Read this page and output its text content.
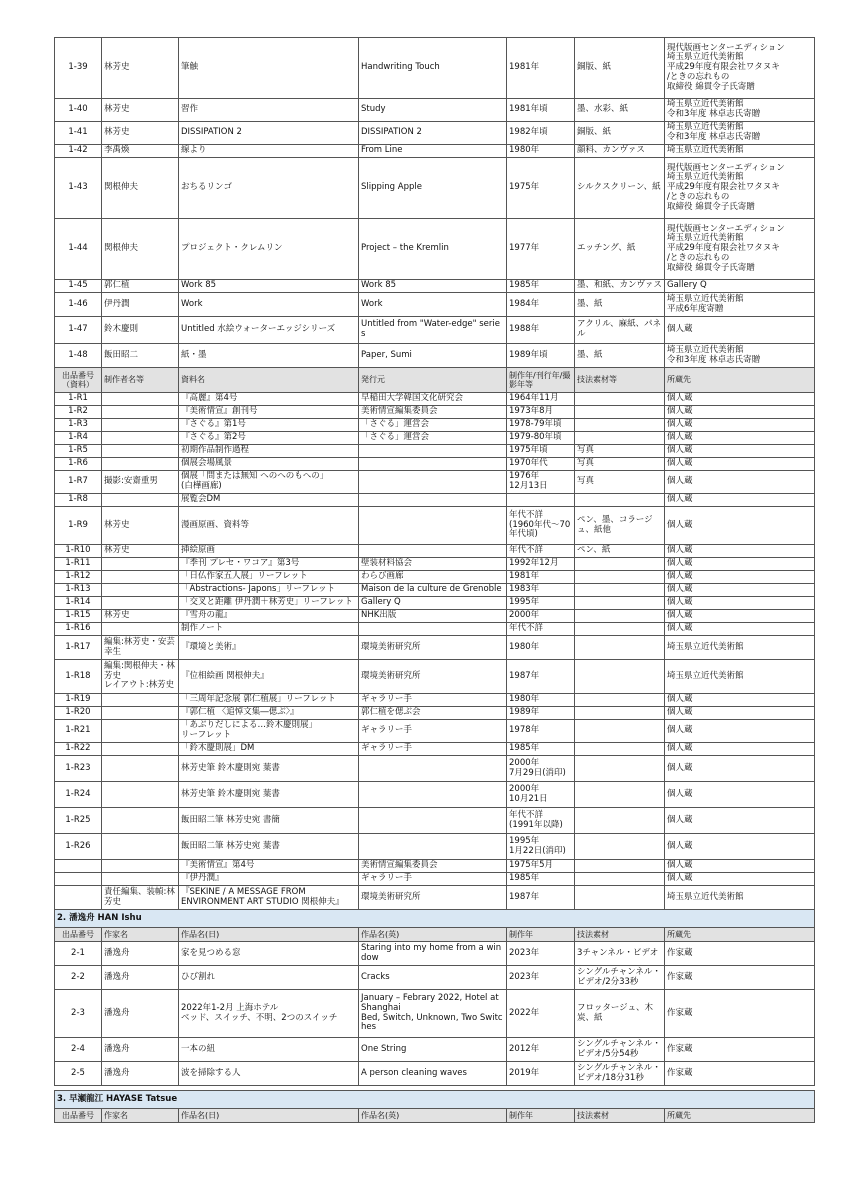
1-39	林芳史	筆触	Handwriting Touch	1981年	銅版、紙	現代版画センターエディション
埼玉県立近代美術館
平成29年度有限会社ワタヌキ
/ときの忘れもの
取締役 綿貫令子氏寄贈
1-40	林芳史	習作	Study	1981年頃	墨、水彩、紙	埼玉県立近代美術館
令和3年度 林卓志氏寄贈
1-41	林芳史	DISSIPATION 2	DISSIPATION 2	1982年頃	銅版、紙	埼玉県立近代美術館
令和3年度 林卓志氏寄贈
1-42	李禹煥	線より	From Line	1980年	顔料、カンヴァス	埼玉県立近代美術館
1-43	関根伸夫	おちるリンゴ	Slipping Apple	1975年	シルクスクリーン、紙	現代版画センターエディション
埼玉県立近代美術館
平成29年度有限会社ワタヌキ
/ときの忘れもの
取締役 綿貫令子氏寄贈
1-44	関根伸夫	プロジェクト・クレムリン	Project – the Kremlin	1977年	エッチング、紙	現代版画センターエディション
埼玉県立近代美術館
平成29年度有限会社ワタヌキ
/ときの忘れもの
取締役 綿貫令子氏寄贈
1-45	郭仁植	Work 85	Work 85	1985年	墨、和紙、カンヴァス	Gallery Q
1-46	伊丹潤	Work	Work	1984年	墨、紙	埼玉県立近代美術館
平成6年度寄贈
1-47	鈴木慶則	Untitled 水絵ウォーターエッジシリーズ	Untitled from "Water-edge" series	1988年	アクリル、麻紙、パネル	個人蔵
1-48	飯田昭二	紙・墨	Paper, Sumi	1989年頃	墨、紙	埼玉県立近代美術館
令和3年度 林卓志氏寄贈
出品番号（資料）	制作者名等	資料名	発行元	制作年/刊行年/撮影年等	技法素材等	所蔵先
1-R1		『高麗』第4号	早稲田大学韓国文化研究会	1964年11月		個人蔵
1-R2		『美術情宣』創刊号	美術情宣編集委員会	1973年8月		個人蔵
1-R3		『さぐる』第1号	「さぐる」運営会	1978-79年頃		個人蔵
1-R4		『さぐる』第2号	「さぐる」運営会	1979-80年頃		個人蔵
1-R5		初期作品制作過程		1975年頃	写真	個人蔵
1-R6		個展会場風景		1970年代	写真	個人蔵
1-R7	撮影:安齋重男	個展「問または無知 へのへのもへの」
(白樺画廊)		1976年
12月13日	写真	個人蔵
1-R8		展覧会DM				個人蔵
1-R9	林芳史	漫画原画、資料等		年代不詳
(1960年代〜70年代頃)	ペン、墨、コラージュ、紙他	個人蔵
1-R10	林芳史	挿絵原画		年代不詳	ペン、紙	個人蔵
1-R11		『季刊 プレセ・ワコア』第3号	壁装材料協会	1992年12月		個人蔵
1-R12		「日仏作家五人展」リーフレット	わらび画廊	1981年		個人蔵
1-R13		「Abstractions- Japons」リーフレット	Maison de la culture de Grenoble	1983年		個人蔵
1-R14		「交叉と距離 伊丹潤＋林芳史」リーフレット	Gallery Q	1995年		個人蔵
1-R15	林芳史	『雪舟の龍』	NHK出版	2000年		個人蔵
1-R16		制作ノート		年代不詳		個人蔵
1-R17	編集:林芳史・安芸幸生	『環境と美術』	環境美術研究所	1980年		埼玉県立近代美術館
1-R18	編集:関根伸夫・林芳史
レイアウト:林芳史	『位相絵画 関根伸夫』	環境美術研究所	1987年		埼玉県立近代美術館
1-R19		「三周年記念展 郭仁植展」リーフレット	ギャラリー手	1980年		個人蔵
1-R20		『郭仁植 〈追悼文集―偲ぶ〉』	郭仁植を偲ぶ会	1989年		個人蔵
1-R21		「あぶりだしによる…鈴木慶則展」
リーフレット	ギャラリー手	1978年		個人蔵
1-R22		「鈴木慶則展」DM	ギャラリー手	1985年		個人蔵
1-R23		林芳史筆 鈴木慶則宛 葉書		2000年
7月29日(消印)		個人蔵
1-R24		林芳史筆 鈴木慶則宛 葉書		2000年
10月21日		個人蔵
1-R25		飯田昭二筆 林芳史宛 書簡		年代不詳
(1991年以降)		個人蔵
1-R26		飯田昭二筆 林芳史宛 葉書		1995年
1月22日(消印)		個人蔵
		『美術情宣』第4号	美術情宣編集委員会	1975年5月		個人蔵
		『伊丹潤』	ギャラリー手	1985年		個人蔵
	責任編集、装幀:林芳史	『SEKINE / A MESSAGE FROM
ENVIRONMENT ART STUDIO 関根伸夫』	環境美術研究所	1987年		埼玉県立近代美術館
2. 潘逸舟 HAN Ishu						
出品番号	作家名	作品名(日)	作品名(英)	制作年	技法素材	所蔵先
2-1	潘逸舟	家を見つめる窓	Staring into my home from a window	2023年	3チャンネル・ビデオ	作家蔵
2-2	潘逸舟	ひび割れ	Cracks	2023年	シングルチャンネル・ビデオ/2分33秒	作家蔵
2-3	潘逸舟	2022年1-2月 上海ホテル
ベッド、スイッチ、不明、2つのスイッチ	January – Febrary 2022, Hotel at Shanghai
Bed, Switch, Unknown, Two Switches	2022年	フロッタージュ、木炭、紙	作家蔵
2-4	潘逸舟	一本の紐	One String	2012年	シングルチャンネル・ビデオ/5分54秒	作家蔵
2-5	潘逸舟	波を掃除する人	A person cleaning waves	2019年	シングルチャンネル・ビデオ/18分31秒	作家蔵

3. 早瀬龍江 HAYASE Tatsue						
出品番号	作家名	作品名(日)	作品名(英)	制作年	技法素材	所蔵先
